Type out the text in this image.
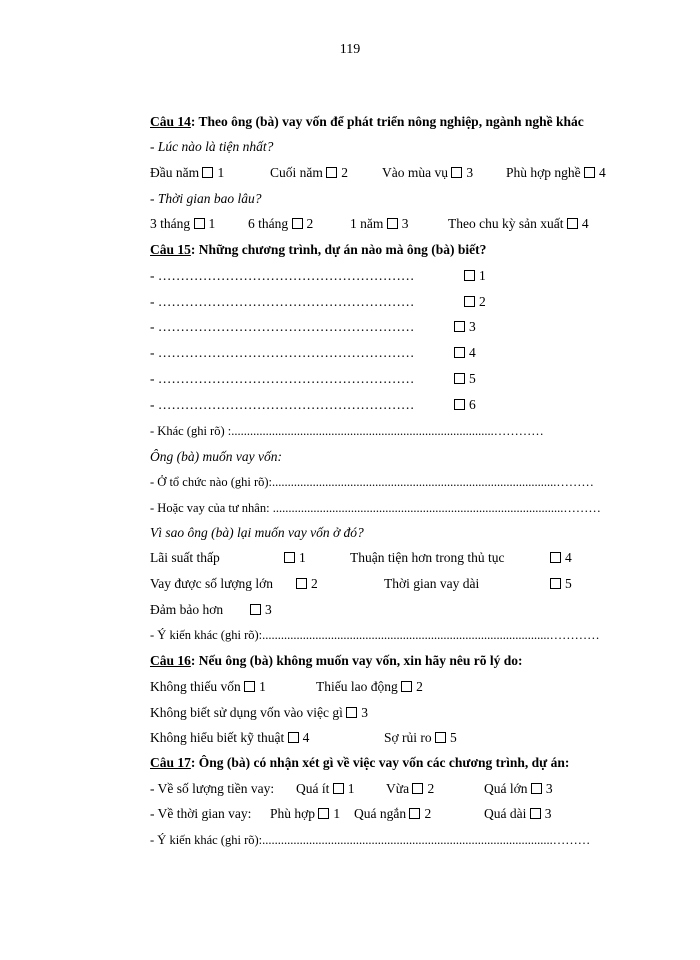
119
Câu 14: Theo ông (bà) vay vốn để phát triển nông nghiệp, ngành nghề khác
- Lúc nào là tiện nhất?
Đầu năm 1	Cuối năm 2	Vào mùa vụ 3 Phù hợp nghề 4
- Thời gian bao lâu?
3 tháng 1 6 tháng 2	1 năm 3	Theo chu kỳ sản xuất 4
Câu 15: Những chương trình, dự án nào mà ông (bà) biết?
- …………………………………………………	1
- …………………………………………………	2
- …………………………………………………	3
- …………………………………………………	4
- …………………………………………………	5
- …………………………………………………	6
- Khác (ghi rõ) :....................................................................................…………
Ông (bà) muốn vay vốn:
- Ở tổ chức nào (ghi rõ):...........................................................................................………
- Hoặc vay của tư nhân: .............................................................................................………
Vì sao ông (bà) lại muốn vay vốn ở đó?
Lãi suất thấp	1	Thuận tiện hơn trong thủ tục	4
Vay được số lượng lớn	2	Thời gian vay dài	5
Đảm bảo hơn	3
- Ý kiến khác (ghi rõ):............................................................................................…………
Câu 16: Nếu ông (bà) không muốn vay vốn, xin hãy nêu rõ lý do:
Không thiếu vốn 1	Thiếu lao động 2
Không biết sử dụng vốn vào việc gì 3
Không hiểu biết kỹ thuật 4	Sợ rủi ro 5
Câu 17: Ông (bà) có nhận xét gì về việc vay vốn các chương trình, dự án:
- Về số lượng tiền vay: Quá ít 1 Vừa 2	Quá lớn 3
- Về thời gian vay: Phù hợp 1 Quá ngắn 2	Quá dài 3
- Ý kiến khác (ghi rõ):.............................................................................................………
